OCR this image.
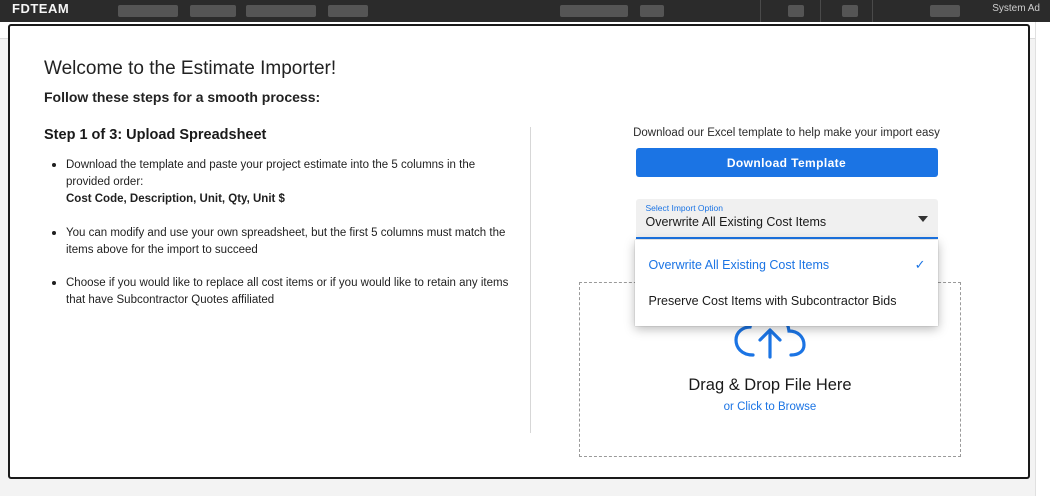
FDTEAM	System Ad
Welcome to the Estimate Importer!
Follow these steps for a smooth process:
Step 1 of 3: Upload Spreadsheet
Download the template and paste your project estimate into the 5 columns in the provided order:
Cost Code, Description, Unit, Qty, Unit $
You can modify and use your own spreadsheet, but the first 5 columns must match the items above for the import to succeed
Choose if you would like to replace all cost items or if you would like to retain any items that have Subcontractor Quotes affiliated
Download our Excel template to help make your import easy
Download Template
Select Import Option
Overwrite All Existing Cost Items
Overwrite All Existing Cost Items	✓
Preserve Cost Items with Subcontractor Bids
Drag & Drop File Here
or Click to Browse
